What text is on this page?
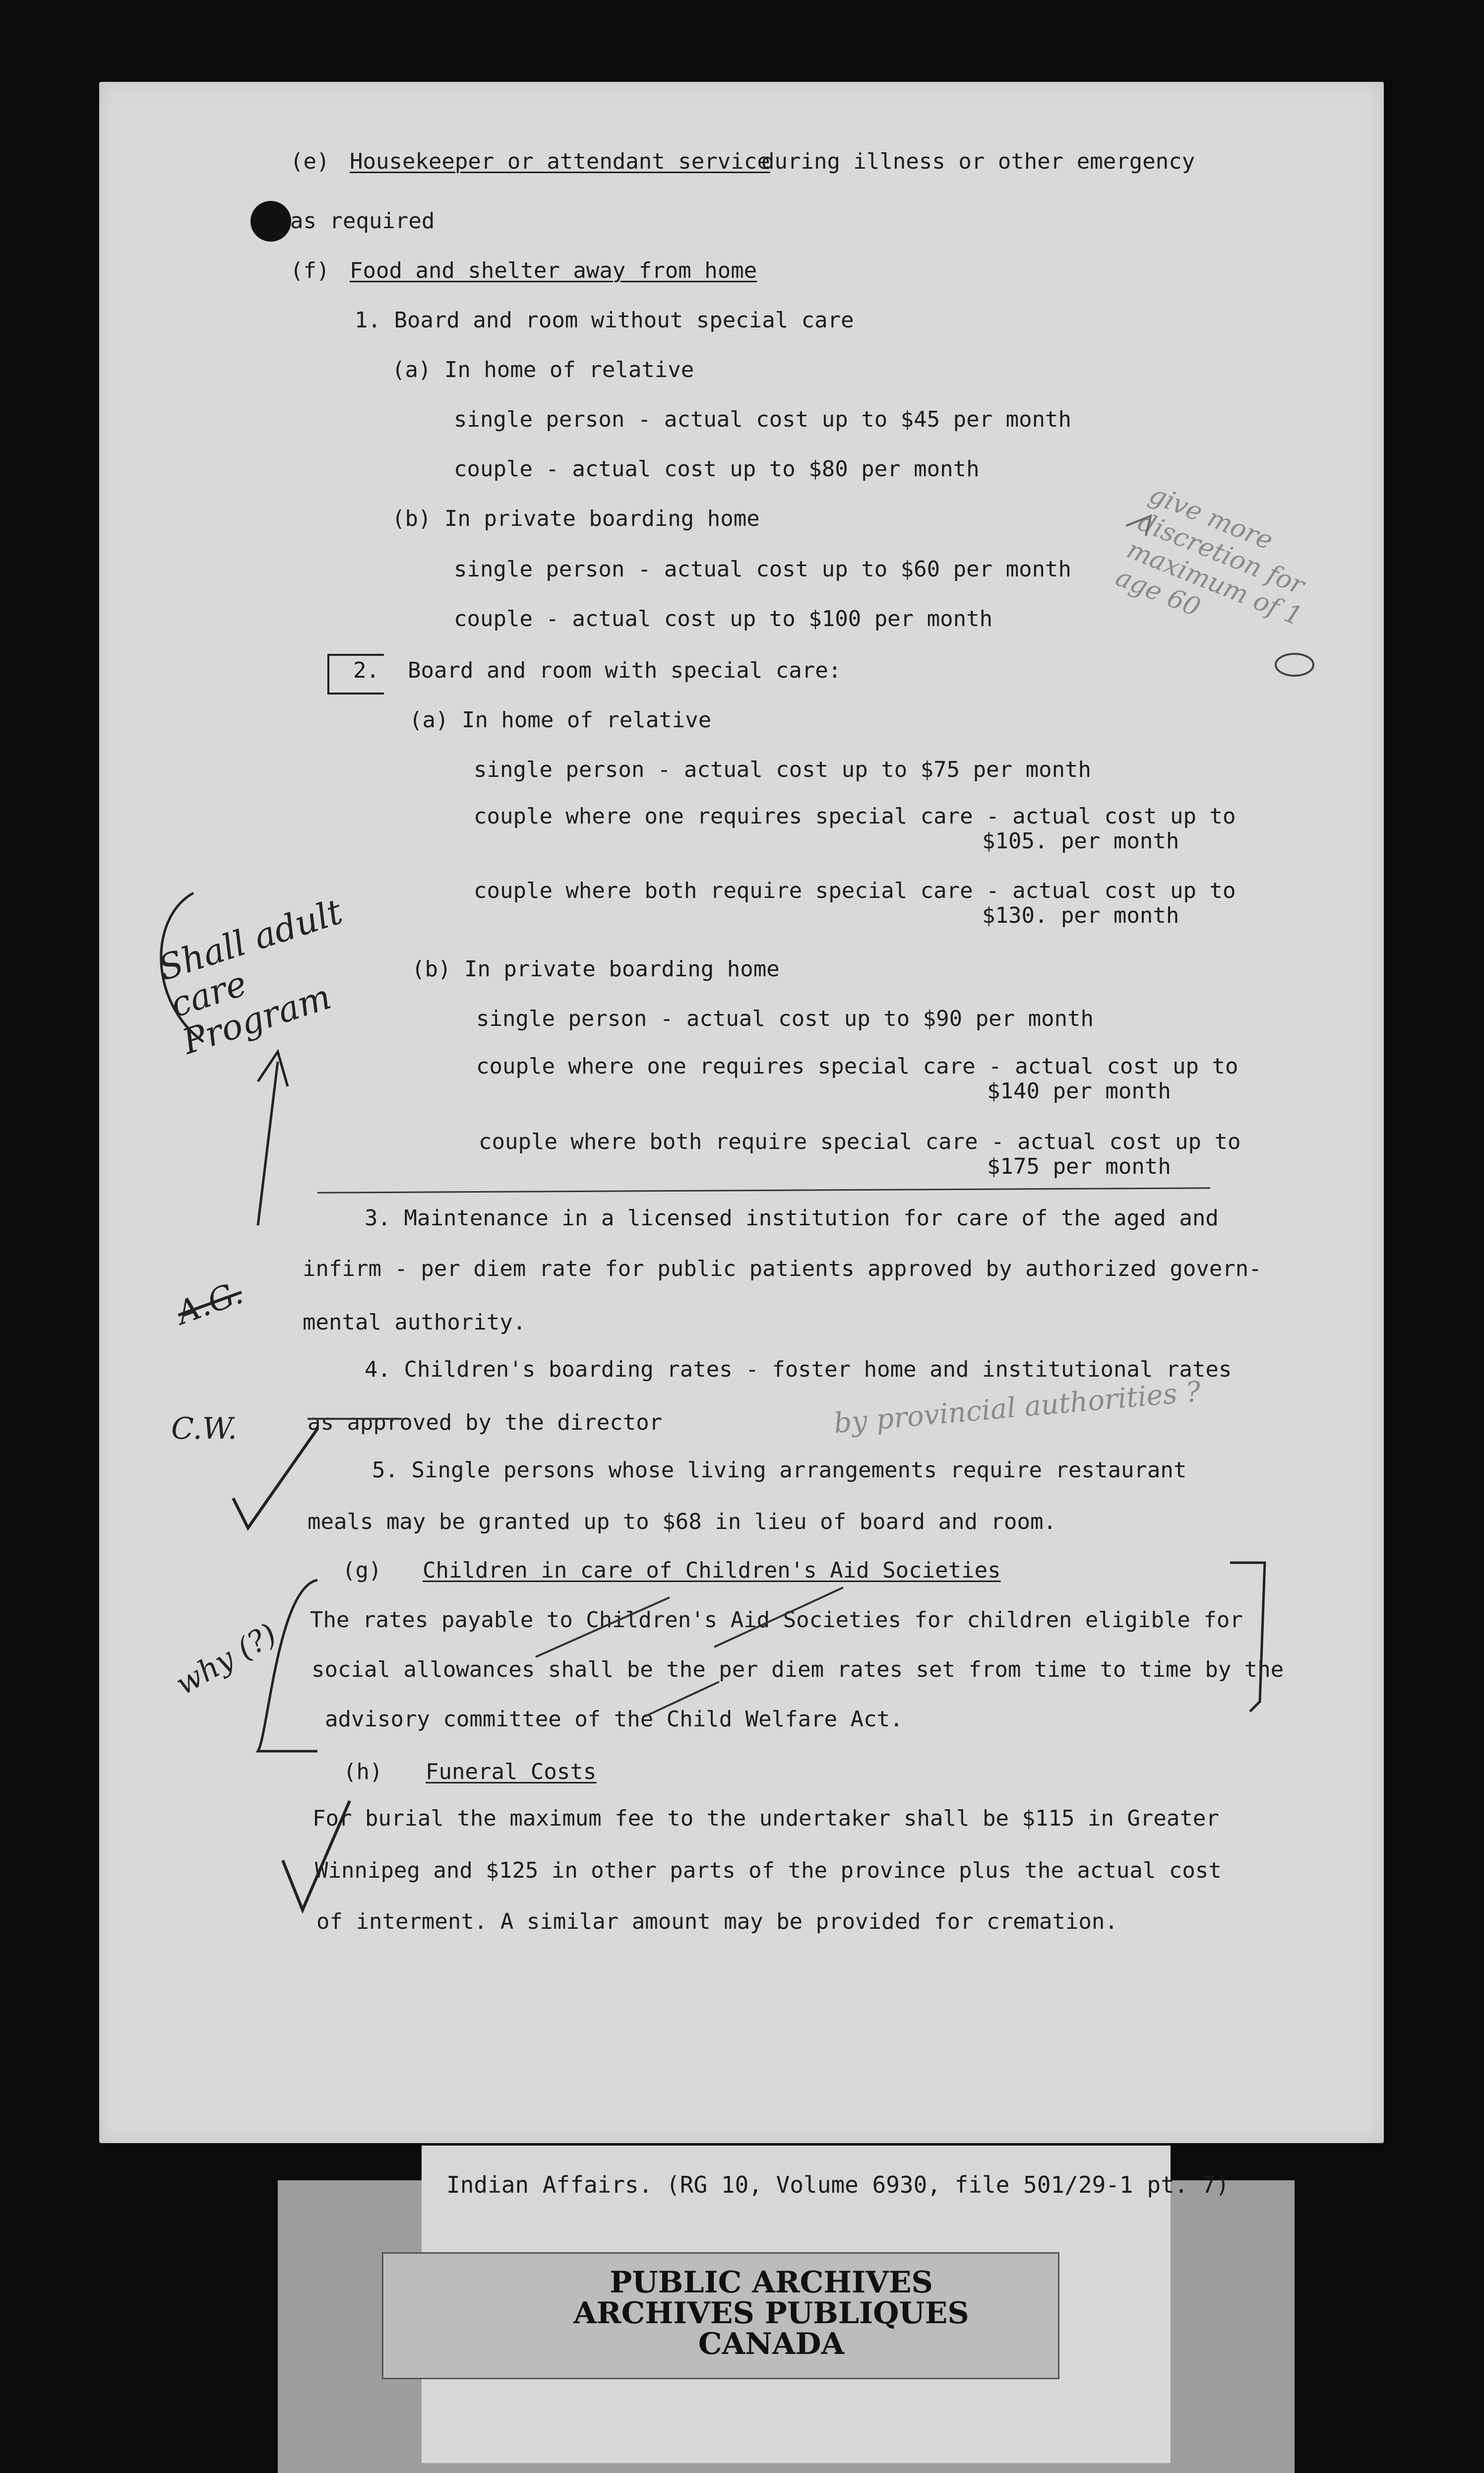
(e) Housekeeper or attendant service
during illness or other emergency
as required
(f) Food and shelter away from home
1. Board and room without special care
(a) In home of relative
single person - actual cost up to $45 per month
couple - actual cost up to $80 per month
(b) In private boarding home
single person - actual cost up to $60 per month
couple - actual cost up to $100 per month
2. Board and room with special care:
(a) In home of relative
single person - actual cost up to $75 per month
couple where one requires special care - actual cost up to
$105. per month
couple where both require special care - actual cost up to
$130. per month
(b) In private boarding home
single person - actual cost up to $90 per month
couple where one requires special care - actual cost up to
$140 per month
couple where both require special care - actual cost up to
$175 per month
3. Maintenance in a licensed institution for care of the aged and
infirm - per diem rate for public patients approved by authorized govern-
mental authority.
4. Children's boarding rates - foster home and institutional rates
as approved by the director
5. Single persons whose living arrangements require restaurant
meals may be granted up to $68 in lieu of board and room.
(g) Children in care of Children's Aid Societies
The rates payable to Children's Aid Societies for children eligible for
social allowances shall be the per diem rates set from time to time by the
advisory committee of the Child Welfare Act.
(h) Funeral Costs
For burial the maximum fee to the undertaker shall be $115 in Greater
Winnipeg and $125 in other parts of the province plus the actual cost
of interment. A similar amount may be provided for cremation.
Shall adult care Program
A.G.
C.W.
why (?)
by provincial authorities ?
give more discretion for maximum of 1 age 60
Indian Affairs. (RG 10, Volume 6930, file 501/29-1 pt. 7)
PUBLIC ARCHIVES
ARCHIVES PUBLIQUES
CANADA
